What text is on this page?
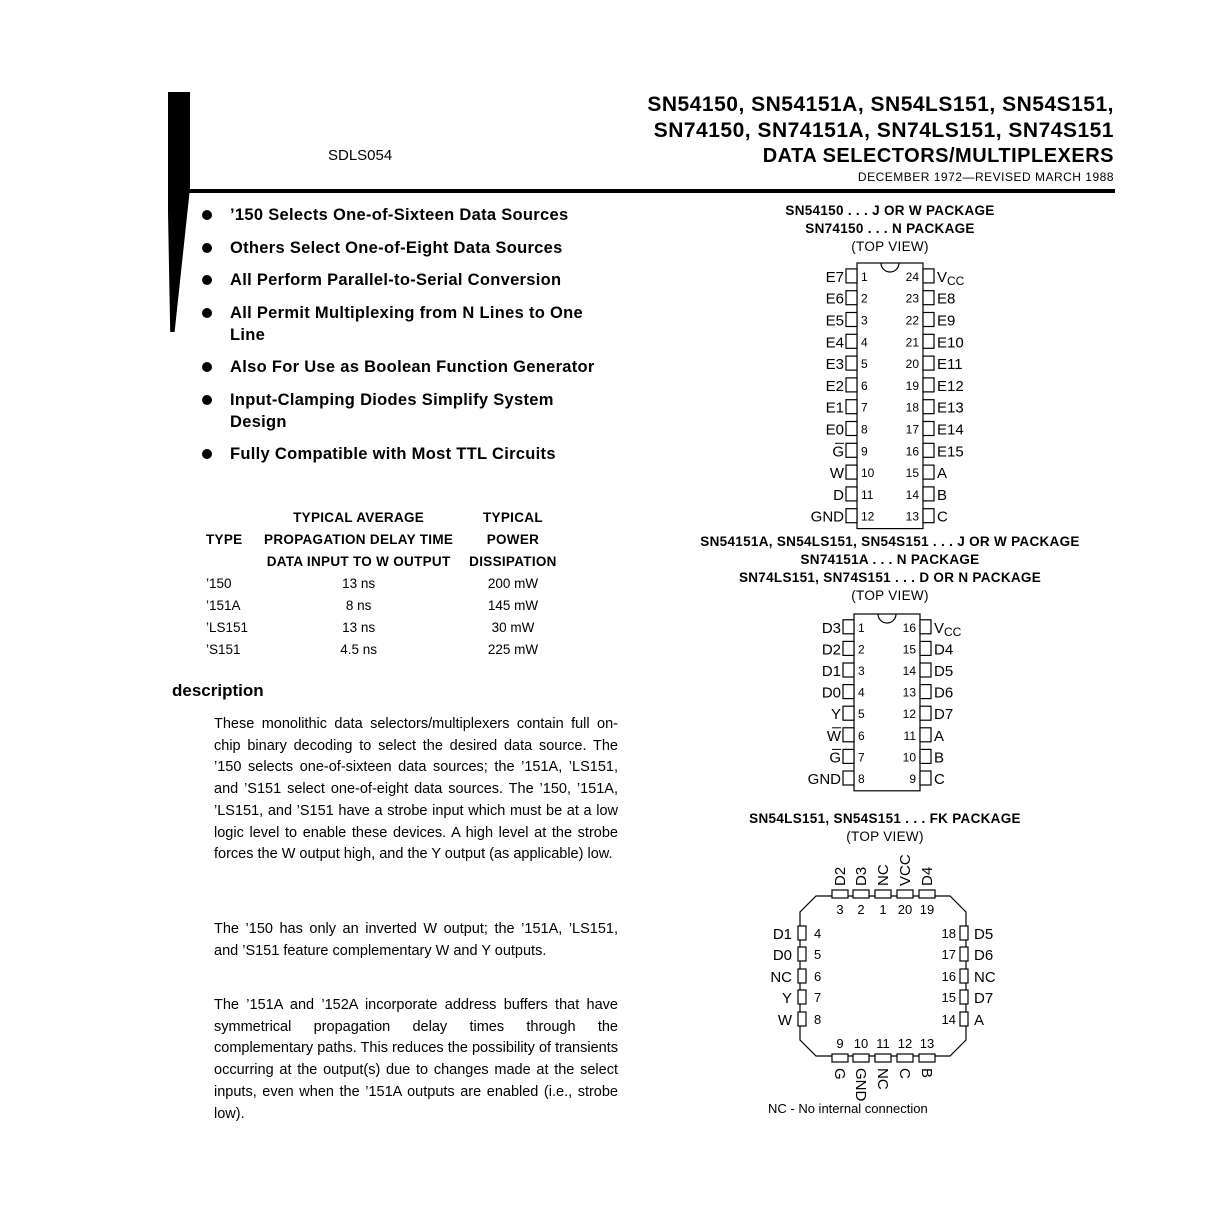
SDLS054
SN54150, SN54151A, SN54LS151, SN54S151,
SN74150, SN74151A, SN74LS151, SN74S151
DATA SELECTORS/MULTIPLEXERS
DECEMBER 1972—REVISED MARCH 1988
’150 Selects One-of-Sixteen Data Sources
Others Select One-of-Eight Data Sources
All Perform Parallel-to-Serial Conversion
All Permit Multiplexing from N Lines to One Line
Also For Use as Boolean Function Generator
Input-Clamping Diodes Simplify System Design
Fully Compatible with Most TTL Circuits
	TYPICAL AVERAGE	TYPICAL
TYPE	PROPAGATION DELAY TIME	POWER
	DATA INPUT TO W OUTPUT	DISSIPATION
’150	13 ns	200 mW
’151A	8 ns	145 mW
’LS151	13 ns	30 mW
’S151	4.5 ns	225 mW
description
These monolithic data selectors/multiplexers contain full on-chip binary decoding to select the desired data source. The ’150 selects one-of-sixteen data sources; the ’151A, ’LS151, and ’S151 select one-of-eight data sources. The ’150, ’151A, ’LS151, and ’S151 have a strobe input which must be at a low logic level to enable these devices. A high level at the strobe forces the W output high, and the Y output (as applicable) low.
The ’150 has only an inverted W output; the ’151A, ’LS151, and ’S151 feature complementary W and Y outputs.
The ’151A and ’152A incorporate address buffers that have symmetrical propagation delay times through the complementary paths. This reduces the possibility of transients occurring at the output(s) due to changes made at the select inputs, even when the ’151A outputs are enabled (i.e., strobe low).
SN54150 . . . J OR W PACKAGE
SN74150 . . . N PACKAGE
(TOP VIEW)
SN54151A, SN54LS151, SN54S151 . . . J OR W PACKAGE
SN74151A . . . N PACKAGE
SN74LS151, SN74S151 . . . D OR N PACKAGE
(TOP VIEW)
SN54LS151, SN54S151 . . . FK PACKAGE
(TOP VIEW)
E7 1
E6 2
E5 3
E4 4
E3 5
E2 6
E1 7
E0 8
G 9
W 10
D 11
GND 12
$V_{CC}$
24
E8
23
E9
22
E10
21
E11
20
E12
19
E13
18
E14
17
E15
16
A
15
B
14
C
13
D3 1
D2 2
D1 3
D0 4
Y 5
W 6
G 7
GND 8
$V_{CC}$
16
D4
15
D5
14
D6
13
D7
12
A
11
B
10
C
9
D2
3
D3
2
NC
1
VCC
20
D4
19
D1 4
D0 5
NC 6
Y 7
W 8
D5
18
D6
17
NC
16
D7
15
A
14
9
G
10
GND
11
NC
12
C
13
B
NC - No internal connection
